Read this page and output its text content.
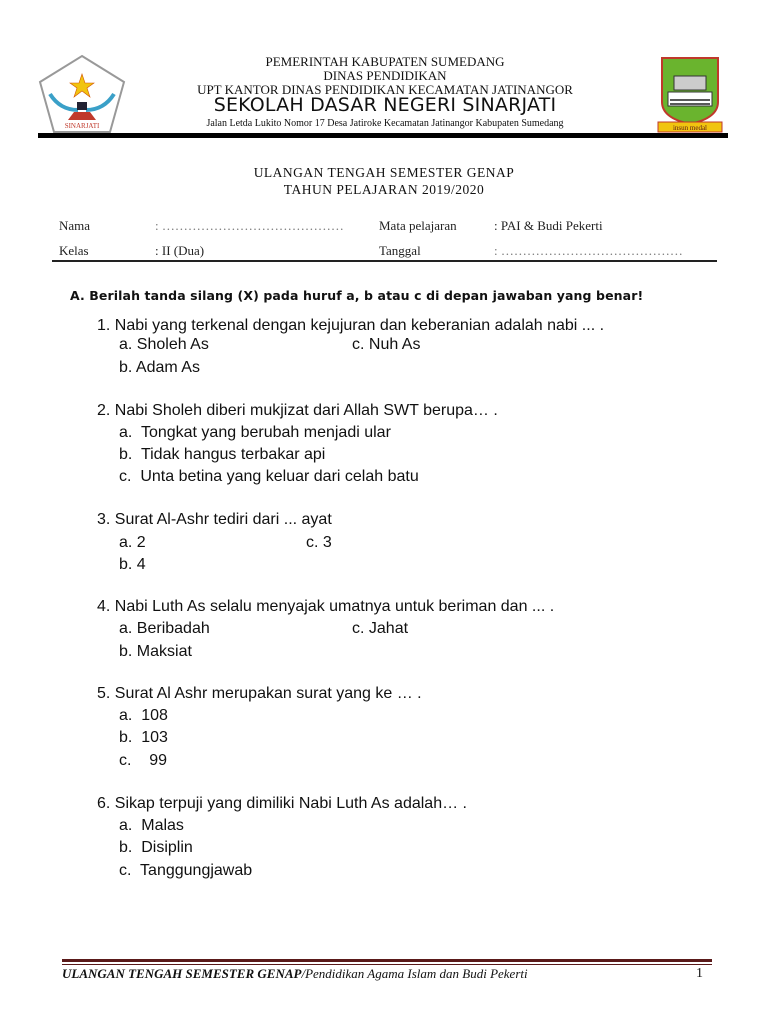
SINARJATI	insun medal
PEMERINTAH KABUPATEN SUMEDANG
DINAS PENDIDIKAN
UPT KANTOR DINAS PENDIDIKAN KECAMATAN JATINANGOR
SEKOLAH DASAR NEGERI SINARJATI
Jalan Letda Lukito Nomor 17 Desa Jatiroke Kecamatan Jatinangor Kabupaten Sumedang
ULANGAN TENGAH SEMESTER GENAP
TAHUN PELAJARAN 2019/2020
Nama	: ……………………………………	Mata pelajaran	: PAI & Budi Pekerti
Kelas	: II (Dua)	Tanggal	: ……………………………………
A. Berilah tanda silang (X) pada huruf a, b atau c di depan jawaban yang benar!
1. Nabi yang terkenal dengan kejujuran dan keberanian adalah nabi ... .
a. Sholeh As	c. Nuh As
b. Adam As
2. Nabi Sholeh diberi mukjizat dari Allah SWT berupa… .
a.  Tongkat yang berubah menjadi ular
b.  Tidak hangus terbakar api
c.  Unta betina yang keluar dari celah batu
3. Surat Al-Ashr tediri dari ... ayat
a. 2	c. 3
b. 4
4. Nabi Luth As selalu menyajak umatnya untuk beriman dan ... .
a. Beribadah	c. Jahat
b. Maksiat
5. Surat Al Ashr merupakan surat yang ke … .
a.  108
b.  103
c.    99
6. Sikap terpuji yang dimiliki Nabi Luth As adalah… .
a.  Malas
b.  Disiplin
c.  Tanggungjawab
ULANGAN TENGAH SEMESTER GENAP/Pendidikan Agama Islam dan Budi Pekerti	1
